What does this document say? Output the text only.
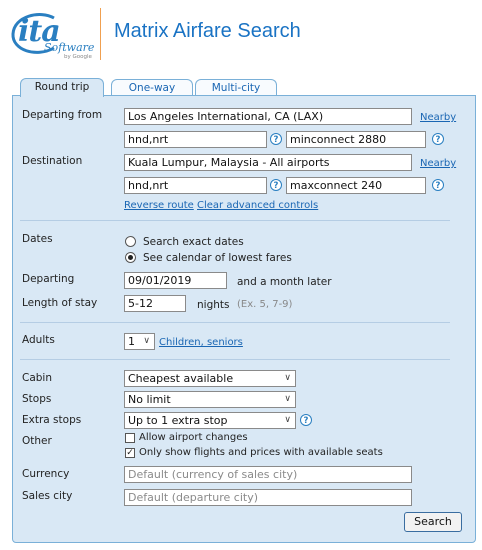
ita
Software
by Google
Matrix Airfare Search
Round trip	One-way	Multi-city
Departing from	Los Angeles International, CA (LAX)	Nearby
hnd,nrt	?	minconnect 2880	?
Destination	Kuala Lumpur, Malaysia - All airports	Nearby
hnd,nrt	?	maxconnect 240	?
Reverse route Clear advanced controls
Dates	Search exact dates
See calendar of lowest fares
Departing	09/01/2019	and a month later
Length of stay	5-12	nights (Ex. 5, 7-9)
Adults	1 ∨ Children, seniors
Cabin	Cheapest available	∨
Stops	No limit	∨
Extra stops	Up to 1 extra stop	∨	?
Other	Allow airport changes
✓ Only show flights and prices with available seats
Currency	Default (currency of sales city)
Sales city	Default (departure city)
Search
